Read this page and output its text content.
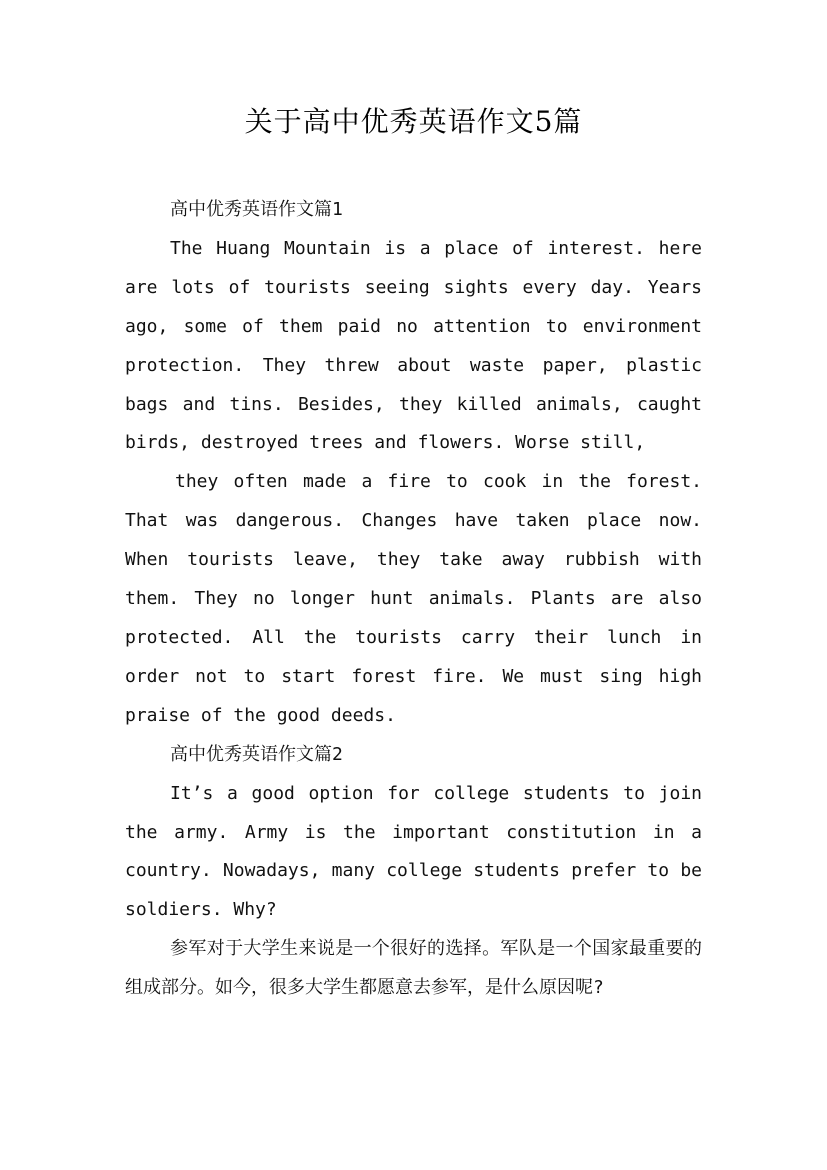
关于高中优秀英语作文5篇

高中优秀英语作文篇1

The Huang Mountain is a place of interest. here are lots of tourists seeing sights every day. Years ago, some of them paid no attention to environment protection. They threw about waste paper, plastic bags and tins. Besides, they killed animals, caught birds, destroyed trees and flowers. Worse still,

they often made a fire to cook in the forest. That was dangerous. Changes have taken place now. When tourists leave, they take away rubbish with them. They no longer hunt animals. Plants are also protected. All the tourists carry their lunch in order not to start forest fire. We must sing high praise of the good deeds.

高中优秀英语作文篇2

It’s a good option for college students to join the army. Army is the important constitution in a country. Nowadays, many college students prefer to be soldiers. Why?

参军对于大学生来说是一个很好的选择。军队是一个国家最重要的组成部分。如今，很多大学生都愿意去参军，是什么原因呢?
